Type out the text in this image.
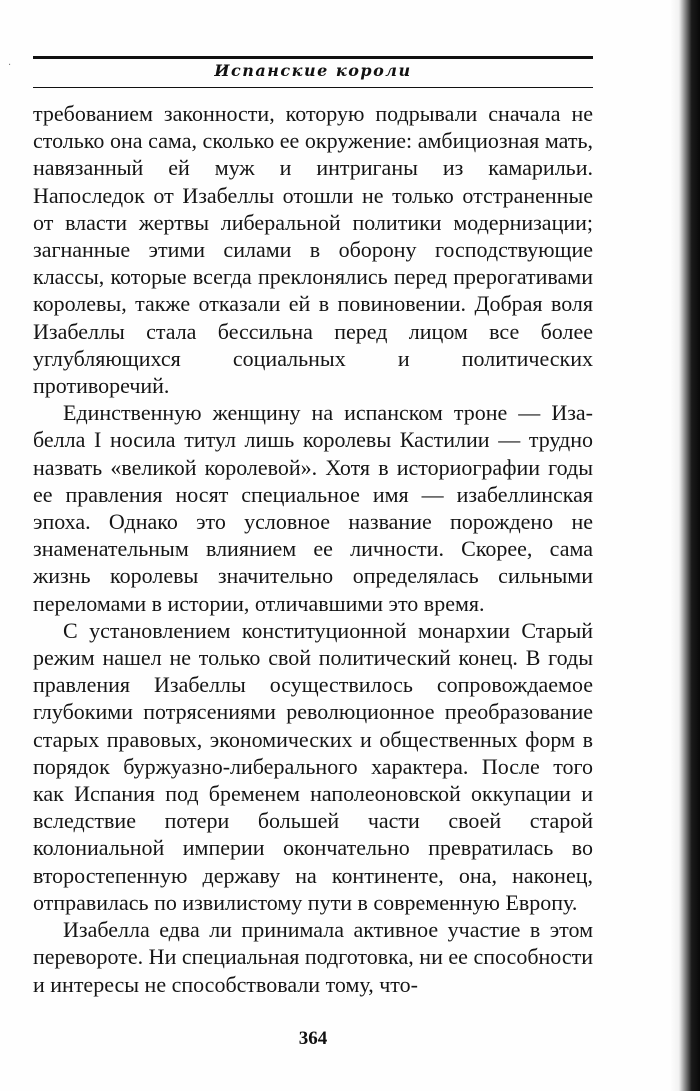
·	Испанские короли

требованием законности, которую подрывали сначала не столько она сама, сколько ее окружение: амбициозная мать, навязанный ей муж и интриганы из камарильи. Напоследок от Изабеллы отошли не только отстраненные от власти жертвы либеральной политики модернизации; загнанные этими силами в оборону господствующие классы, которые всегда преклонялись перед прерогативами королевы, также отказали ей в повиновении. Добрая воля Изабеллы стала бессильна перед лицом все более углубляющихся социальных и политических противоречий.

Единственную женщину на испанском троне — Изабелла I носила титул лишь королевы Кастилии — трудно назвать «великой королевой». Хотя в историографии годы ее правления носят специальное имя — изабеллинская эпоха. Однако это условное название порождено не знаменательным влиянием ее личности. Скорее, сама жизнь королевы значительно определялась сильными переломами в истории, отличавшими это время.

С установлением конституционной монархии Старый режим нашел не только свой политический конец. В годы правления Изабеллы осуществилось сопровождаемое глубокими потрясениями революционное преобразование старых правовых, экономических и общественных форм в порядок буржуазно-либерального характера. После того как Испания под бременем наполеоновской оккупации и вследствие потери большей части своей старой колониальной империи окончательно превратилась во второстепенную державу на континенте, она, наконец, отправилась по извилистому пути в современную Европу.

Изабелла едва ли принимала активное участие в этом перевороте. Ни специальная подготовка, ни ее способности и интересы не способствовали тому, что-

364
